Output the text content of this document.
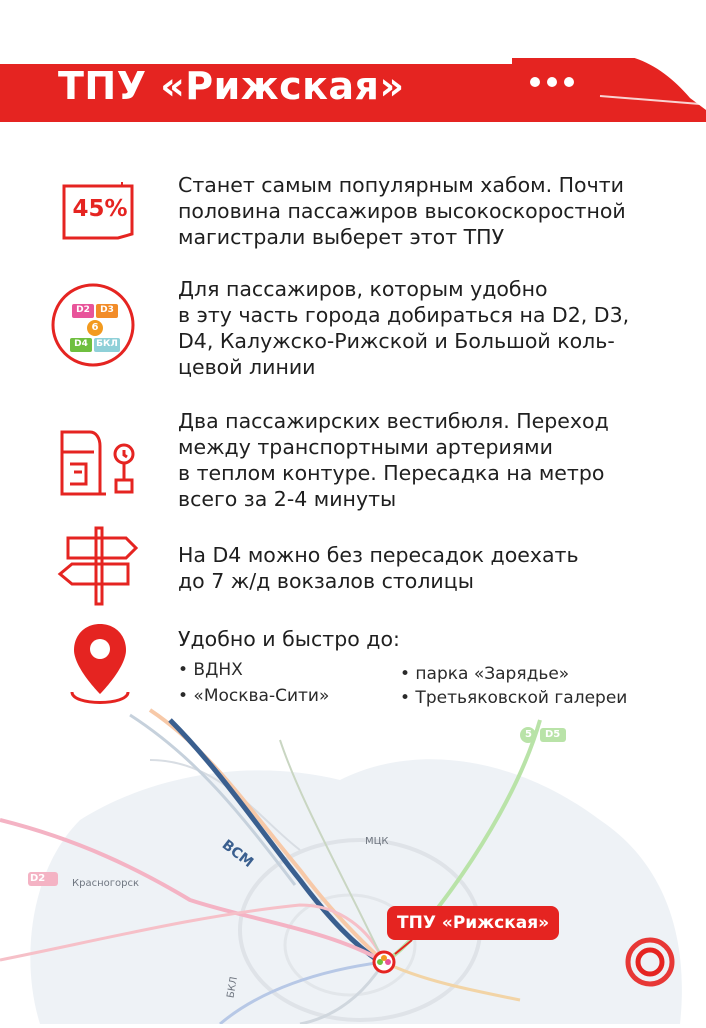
ТПУ «Рижская»
45%
Станет самым популярным хабом. Почти
половина пассажиров высокоскоростной
магистрали выберет этот ТПУ
D2	D3
6
D4 БКЛ
Для пассажиров, которым удобно
в эту часть города добираться на D2, D3,
D4, Калужско-Рижской и Большой коль-
цевой линии
Два пассажирских вестибюля. Переход
между транспортными артериями
в теплом контуре. Пересадка на метро
всего за 2-4 минуты
На D4 можно без пересадок доехать
до 7 ж/д вокзалов столицы
Удобно и быстро до:
• ВДНХ
• «Москва-Сити»
• парка «Зарядье»
• Третьяковской галереи
ВСМ	МЦК
Красногорск
D2
D5
5
БКЛ
ТПУ «Рижская»
